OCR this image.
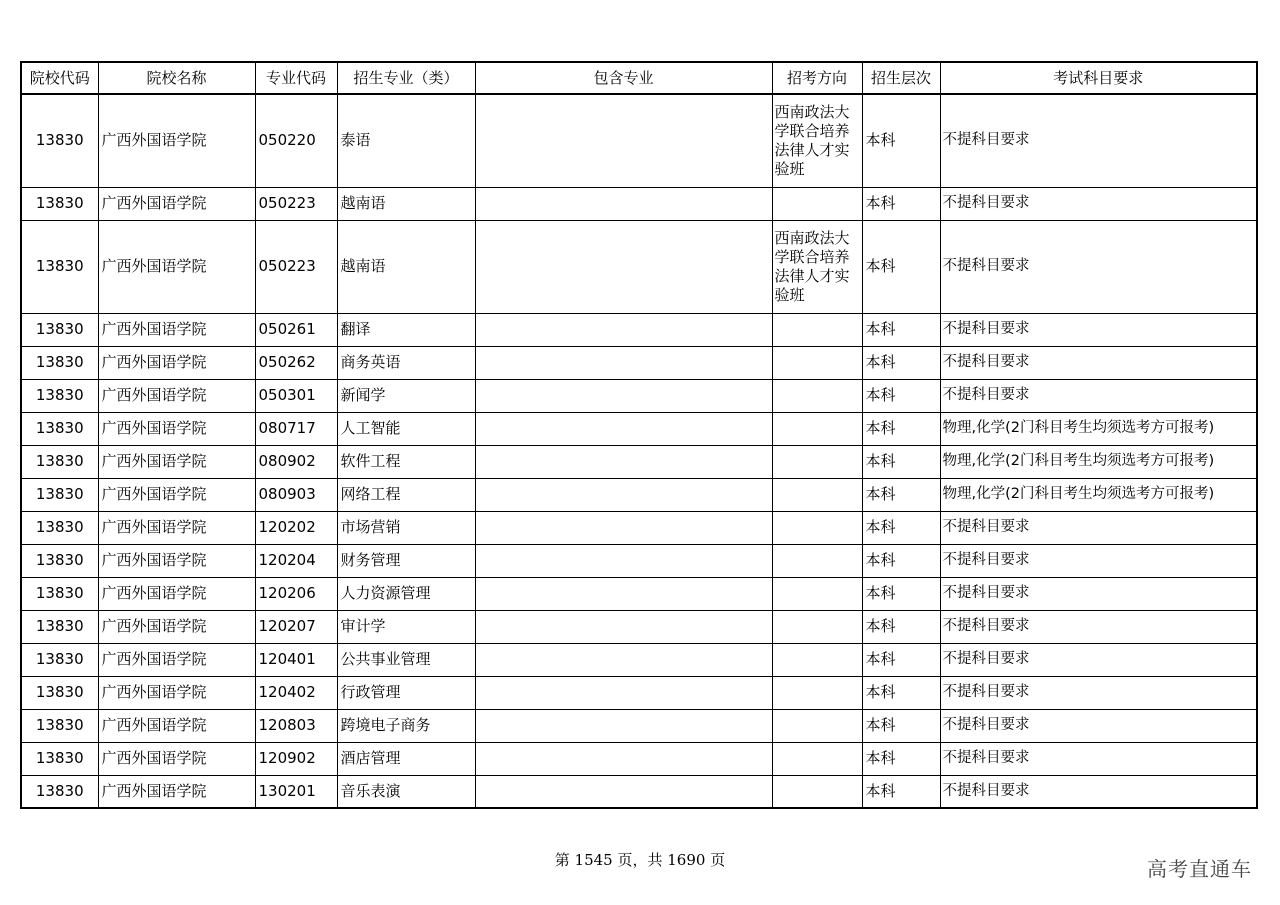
院校代码	院校名称	专业代码	招生专业（类）	包含专业	招考方向	招生层次	考试科目要求
13830	广西外国语学院	050220	泰语		西南政法大学联合培养法律人才实验班	本科	不提科目要求
13830	广西外国语学院	050223	越南语			本科	不提科目要求
13830	广西外国语学院	050223	越南语		西南政法大学联合培养法律人才实验班	本科	不提科目要求
13830	广西外国语学院	050261	翻译			本科	不提科目要求
13830	广西外国语学院	050262	商务英语			本科	不提科目要求
13830	广西外国语学院	050301	新闻学			本科	不提科目要求
13830	广西外国语学院	080717	人工智能			本科	物理,化学(2门科目考生均须选考方可报考)
13830	广西外国语学院	080902	软件工程			本科	物理,化学(2门科目考生均须选考方可报考)
13830	广西外国语学院	080903	网络工程			本科	物理,化学(2门科目考生均须选考方可报考)
13830	广西外国语学院	120202	市场营销			本科	不提科目要求
13830	广西外国语学院	120204	财务管理			本科	不提科目要求
13830	广西外国语学院	120206	人力资源管理			本科	不提科目要求
13830	广西外国语学院	120207	审计学			本科	不提科目要求
13830	广西外国语学院	120401	公共事业管理			本科	不提科目要求
13830	广西外国语学院	120402	行政管理			本科	不提科目要求
13830	广西外国语学院	120803	跨境电子商务			本科	不提科目要求
13830	广西外国语学院	120902	酒店管理			本科	不提科目要求
13830	广西外国语学院	130201	音乐表演			本科	不提科目要求
第 1545 页，共 1690 页	高考直通车
